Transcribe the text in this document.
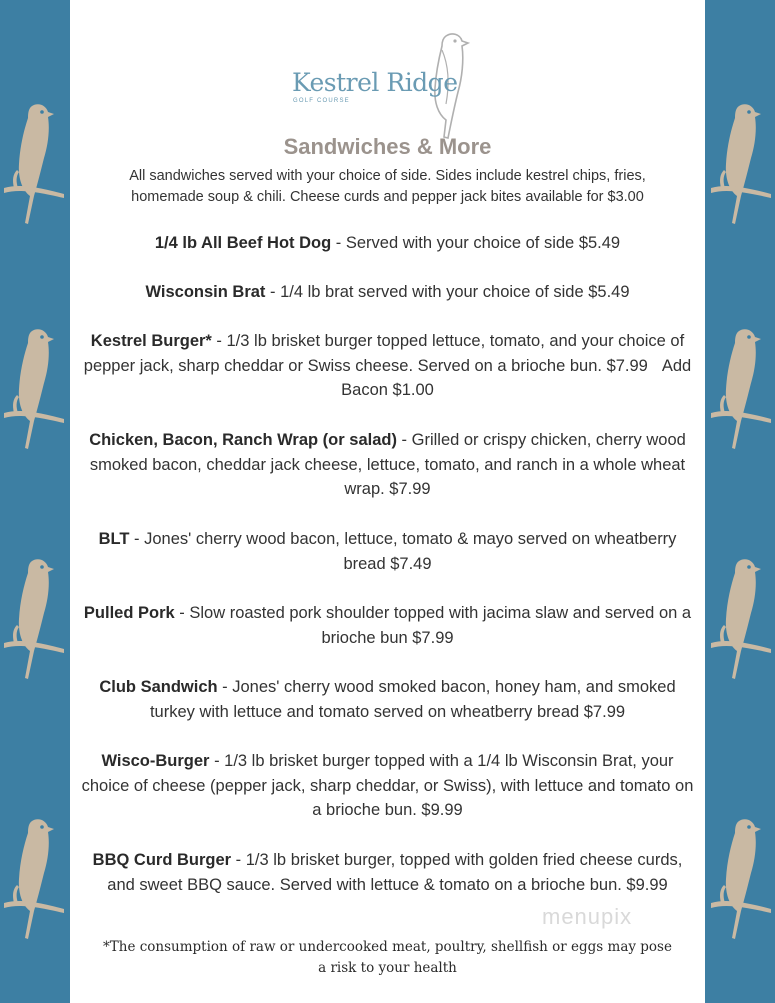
Kestrel Ridge
GOLF COURSE
Sandwiches & More
All sandwiches served with your choice of side. Sides include kestrel chips, fries, homemade soup & chili. Cheese curds and pepper jack bites available for $3.00
1/4 lb All Beef Hot Dog - Served with your choice of side $5.49
Wisconsin Brat - 1/4 lb brat served with your choice of side $5.49
Kestrel Burger* - 1/3 lb brisket burger topped lettuce, tomato, and your choice of pepper jack, sharp cheddar or Swiss cheese. Served on a brioche bun. $7.99 Add Bacon $1.00
Chicken, Bacon, Ranch Wrap (or salad) - Grilled or crispy chicken, cherry wood smoked bacon, cheddar jack cheese, lettuce, tomato, and ranch in a whole wheat wrap. $7.99
BLT - Jones' cherry wood bacon, lettuce, tomato & mayo served on wheatberry bread $7.49
Pulled Pork - Slow roasted pork shoulder topped with jacima slaw and served on a brioche bun $7.99
Club Sandwich - Jones' cherry wood smoked bacon, honey ham, and smoked turkey with lettuce and tomato served on wheatberry bread $7.99
Wisco-Burger - 1/3 lb brisket burger topped with a 1/4 lb Wisconsin Brat, your choice of cheese (pepper jack, sharp cheddar, or Swiss), with lettuce and tomato on a brioche bun. $9.99
BBQ Curd Burger - 1/3 lb brisket burger, topped with golden fried cheese curds, and sweet BBQ sauce. Served with lettuce & tomato on a brioche bun. $9.99
menupix
*The consumption of raw or undercooked meat, poultry, shellfish or eggs may pose a risk to your health
